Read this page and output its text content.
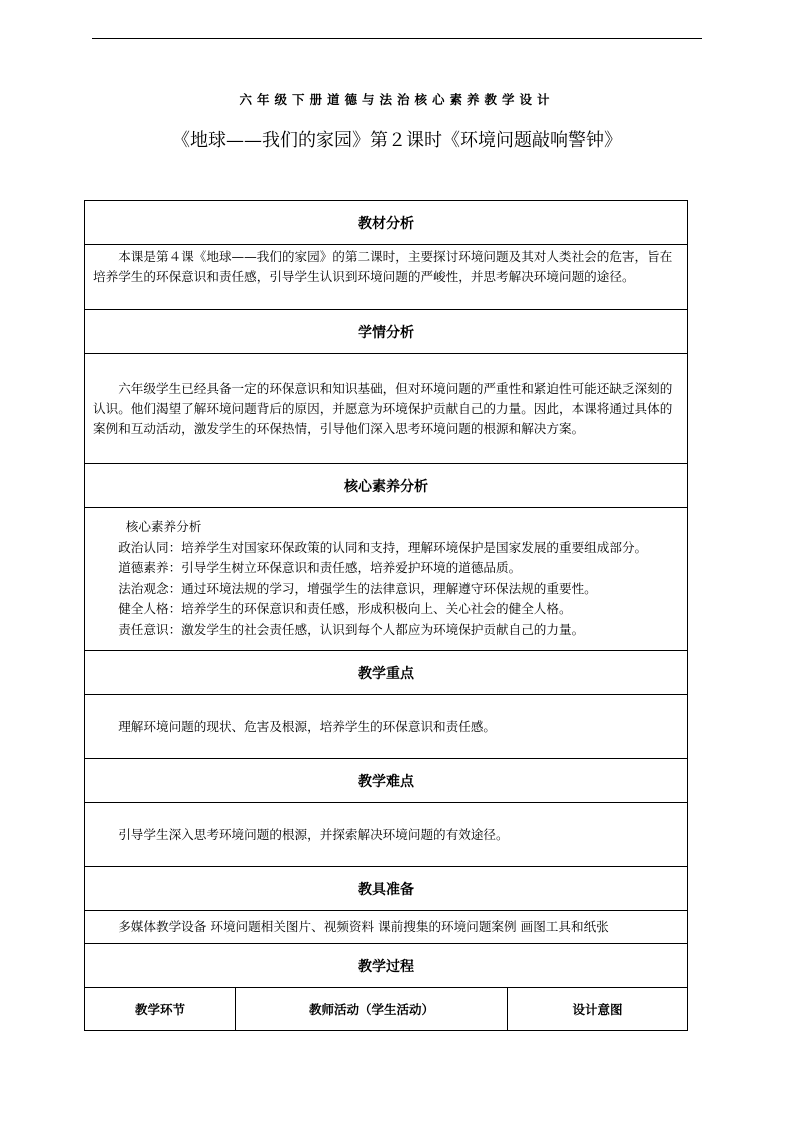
六年级下册道德与法治核心素养教学设计
《地球——我们的家园》第２课时《环境问题敲响警钟》
教材分析

本课是第４课《地球——我们的家园》的第二课时，主要探讨环境问题及其对人类社会的危害，旨在培养学生的环保意识和责任感，引导学生认识到环境问题的严峻性，并思考解决环境问题的途径。

学情分析

六年级学生已经具备一定的环保意识和知识基础，但对环境问题的严重性和紧迫性可能还缺乏深刻的认识。他们渴望了解环境问题背后的原因，并愿意为环境保护贡献自己的力量。因此，本课将通过具体的案例和互动活动，激发学生的环保热情，引导他们深入思考环境问题的根源和解决方案。

核心素养分析

核心素养分析

政治认同：培养学生对国家环保政策的认同和支持，理解环境保护是国家发展的重要组成部分。

道德素养：引导学生树立环保意识和责任感，培养爱护环境的道德品质。

法治观念：通过环境法规的学习，增强学生的法律意识，理解遵守环保法规的重要性。

健全人格：培养学生的环保意识和责任感，形成积极向上、关心社会的健全人格。

责任意识：激发学生的社会责任感，认识到每个人都应为环境保护贡献自己的力量。

教学重点

理解环境问题的现状、危害及根源，培养学生的环保意识和责任感。

教学难点

引导学生深入思考环境问题的根源，并探索解决环境问题的有效途径。

教具准备

多媒体教学设备 环境问题相关图片、视频资料 课前搜集的环境问题案例 画图工具和纸张

教学过程
教学环节	教师活动（学生活动）	设计意图
